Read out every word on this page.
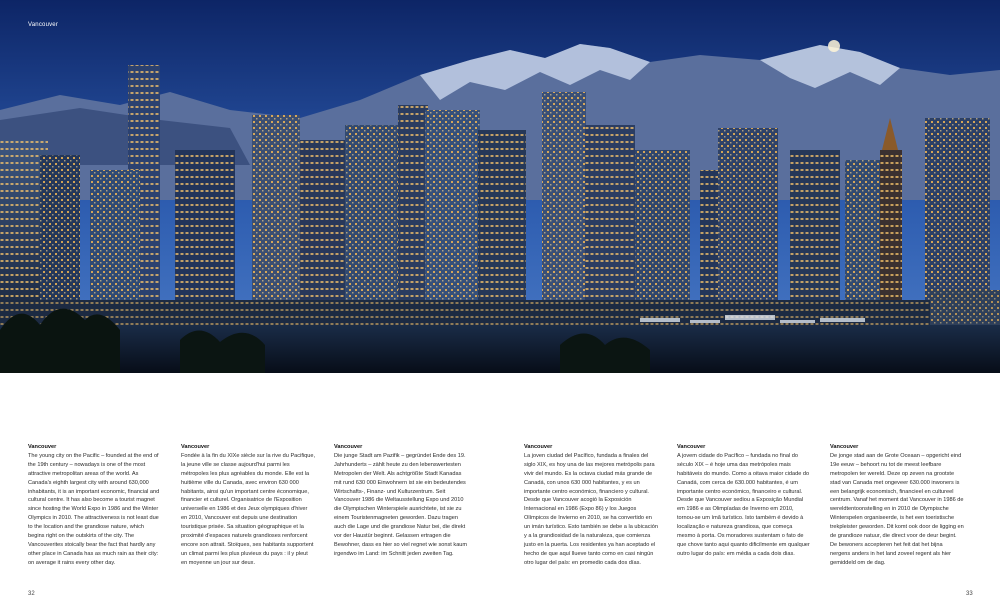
Vancouver
Vancouver
The young city on the Pacific – founded at the end of the 19th century – nowadays is one of the most attractive metropolitan areas of the world. As Canada's eighth largest city with around 630,000 inhabitants, it is an important economic, financial and cultural centre. It has also become a tourist magnet since hosting the World Expo in 1986 and the Winter Olympics in 2010. The attractiveness is not least due to the location and the grandiose nature, which begins right on the outskirts of the city. The Vancouverites stoically bear the fact that hardly any other place in Canada has as much rain as their city: on average it rains every other day.
Vancouver
Fondée à la fin du XIXe siècle sur la rive du Pacifique, la jeune ville se classe aujourd'hui parmi les métropoles les plus agréables du monde. Elle est la huitième ville du Canada, avec environ 630 000 habitants, ainsi qu'un important centre économique, financier et culturel. Organisatrice de l'Exposition universelle en 1986 et des Jeux olympiques d'hiver en 2010, Vancouver est depuis une destination touristique prisée. Sa situation géographique et la proximité d'espaces naturels grandioses renforcent encore son attrait. Stoïques, ses habitants supportent un climat parmi les plus pluvieux du pays : il y pleut en moyenne un jour sur deux.
Vancouver
Die junge Stadt am Pazifik – gegründet Ende des 19. Jahrhunderts – zählt heute zu den lebenswertesten Metropolen der Welt. Als achtgrößte Stadt Kanadas mit rund 630 000 Einwohnern ist sie ein bedeutendes Wirtschafts-, Finanz- und Kulturzentrum. Seit Vancouver 1986 die Weltausstellung Expo und 2010 die Olympischen Winterspiele ausrichtete, ist sie zu einem Touristenmagneten geworden. Dazu tragen auch die Lage und die grandiose Natur bei, die direkt vor der Haustür beginnt. Gelassen ertragen die Bewohner, dass es hier so viel regnet wie sonst kaum irgendwo im Land: im Schnitt jeden zweiten Tag.
Vancouver
La joven ciudad del Pacífico, fundada a finales del siglo XIX, es hoy una de las mejores metrópolis para vivir del mundo. Es la octava ciudad más grande de Canadá, con unos 630 000 habitantes, y es un importante centro económico, financiero y cultural. Desde que Vancouver acogió la Exposición Internacional en 1986 (Expo 86) y los Juegos Olímpicos de Invierno en 2010, se ha convertido en un imán turístico. Esto también se debe a la ubicación y a la grandiosidad de la naturaleza, que comienza justo en la puerta. Los residentes ya han aceptado el hecho de que aquí llueve tanto como en casi ningún otro lugar del país: en promedio cada dos días.
Vancouver
A jovem cidade do Pacífico – fundada no final do século XIX – é hoje uma das metrópoles mais habitáveis do mundo. Como a oitava maior cidade do Canadá, com cerca de 630.000 habitantes, é um importante centro económico, financeiro e cultural. Desde que Vancouver sediou a Exposição Mundial em 1986 e as Olimpíadas de Inverno em 2010, tornou-se um ímã turístico. Isto também é devido à localização e natureza grandiosa, que começa mesmo à porta. Os moradores sustentam o fato de que chove tanto aqui quanto dificilmente em qualquer outro lugar do país: em média a cada dois dias.
Vancouver
De jonge stad aan de Grote Oceaan – opgericht eind 19e eeuw – behoort nu tot de meest leefbare metropolen ter wereld. Deze op zeven na grootste stad van Canada met ongeveer 630.000 inwoners is een belangrijk economisch, financieel en cultureel centrum. Vanaf het moment dat Vancouver in 1986 de wereldtentoonstelling en in 2010 de Olympische Winterspelen organiseerde, is het een toeristische trekpleister geworden. Dit komt ook door de ligging en de grandioze natuur, die direct voor de deur begint. De bewoners accepteren het feit dat het bijna nergens anders in het land zoveel regent als hier gemiddeld om de dag.
32	33
